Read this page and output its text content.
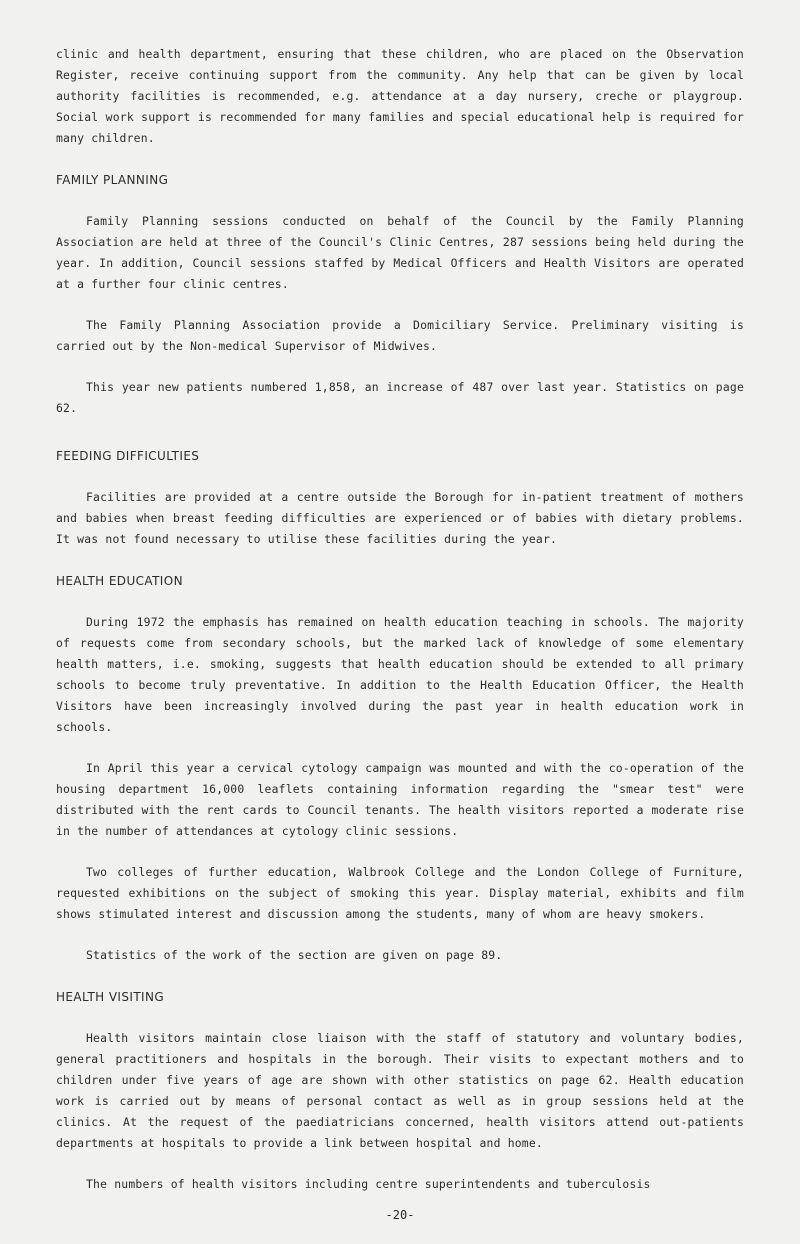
clinic and health department, ensuring that these children, who are placed on the Observation Register, receive continuing support from the community. Any help that can be given by local authority facilities is recommended, e.g. attendance at a day nursery, creche or playgroup. Social work support is recommended for many families and special educational help is required for many children.

FAMILY PLANNING

Family Planning sessions conducted on behalf of the Council by the Family Planning Association are held at three of the Council's Clinic Centres, 287 sessions being held during the year. In addition, Council sessions staffed by Medical Officers and Health Visitors are operated at a further four clinic centres.

The Family Planning Association provide a Domiciliary Service. Preliminary visiting is carried out by the Non-medical Supervisor of Midwives.

This year new patients numbered 1,858, an increase of 487 over last year. Statistics on page 62.

FEEDING DIFFICULTIES

Facilities are provided at a centre outside the Borough for in-patient treatment of mothers and babies when breast feeding difficulties are experienced or of babies with dietary problems. It was not found necessary to utilise these facilities during the year.

HEALTH EDUCATION

During 1972 the emphasis has remained on health education teaching in schools. The majority of requests come from secondary schools, but the marked lack of knowledge of some elementary health matters, i.e. smoking, suggests that health education should be extended to all primary schools to become truly preventative. In addition to the Health Education Officer, the Health Visitors have been increasingly involved during the past year in health education work in schools.

In April this year a cervical cytology campaign was mounted and with the co-operation of the housing department 16,000 leaflets containing information regarding the "smear test" were distributed with the rent cards to Council tenants. The health visitors reported a moderate rise in the number of attendances at cytology clinic sessions.

Two colleges of further education, Walbrook College and the London College of Furniture, requested exhibitions on the subject of smoking this year. Display material, exhibits and film shows stimulated interest and discussion among the students, many of whom are heavy smokers.

Statistics of the work of the section are given on page 89.

HEALTH VISITING

Health visitors maintain close liaison with the staff of statutory and voluntary bodies, general practitioners and hospitals in the borough. Their visits to expectant mothers and to children under five years of age are shown with other statistics on page 62. Health education work is carried out by means of personal contact as well as in group sessions held at the clinics. At the request of the paediatricians concerned, health visitors attend out-patients departments at hospitals to provide a link between hospital and home.

The numbers of health visitors including centre superintendents and tuberculosis

-20-
